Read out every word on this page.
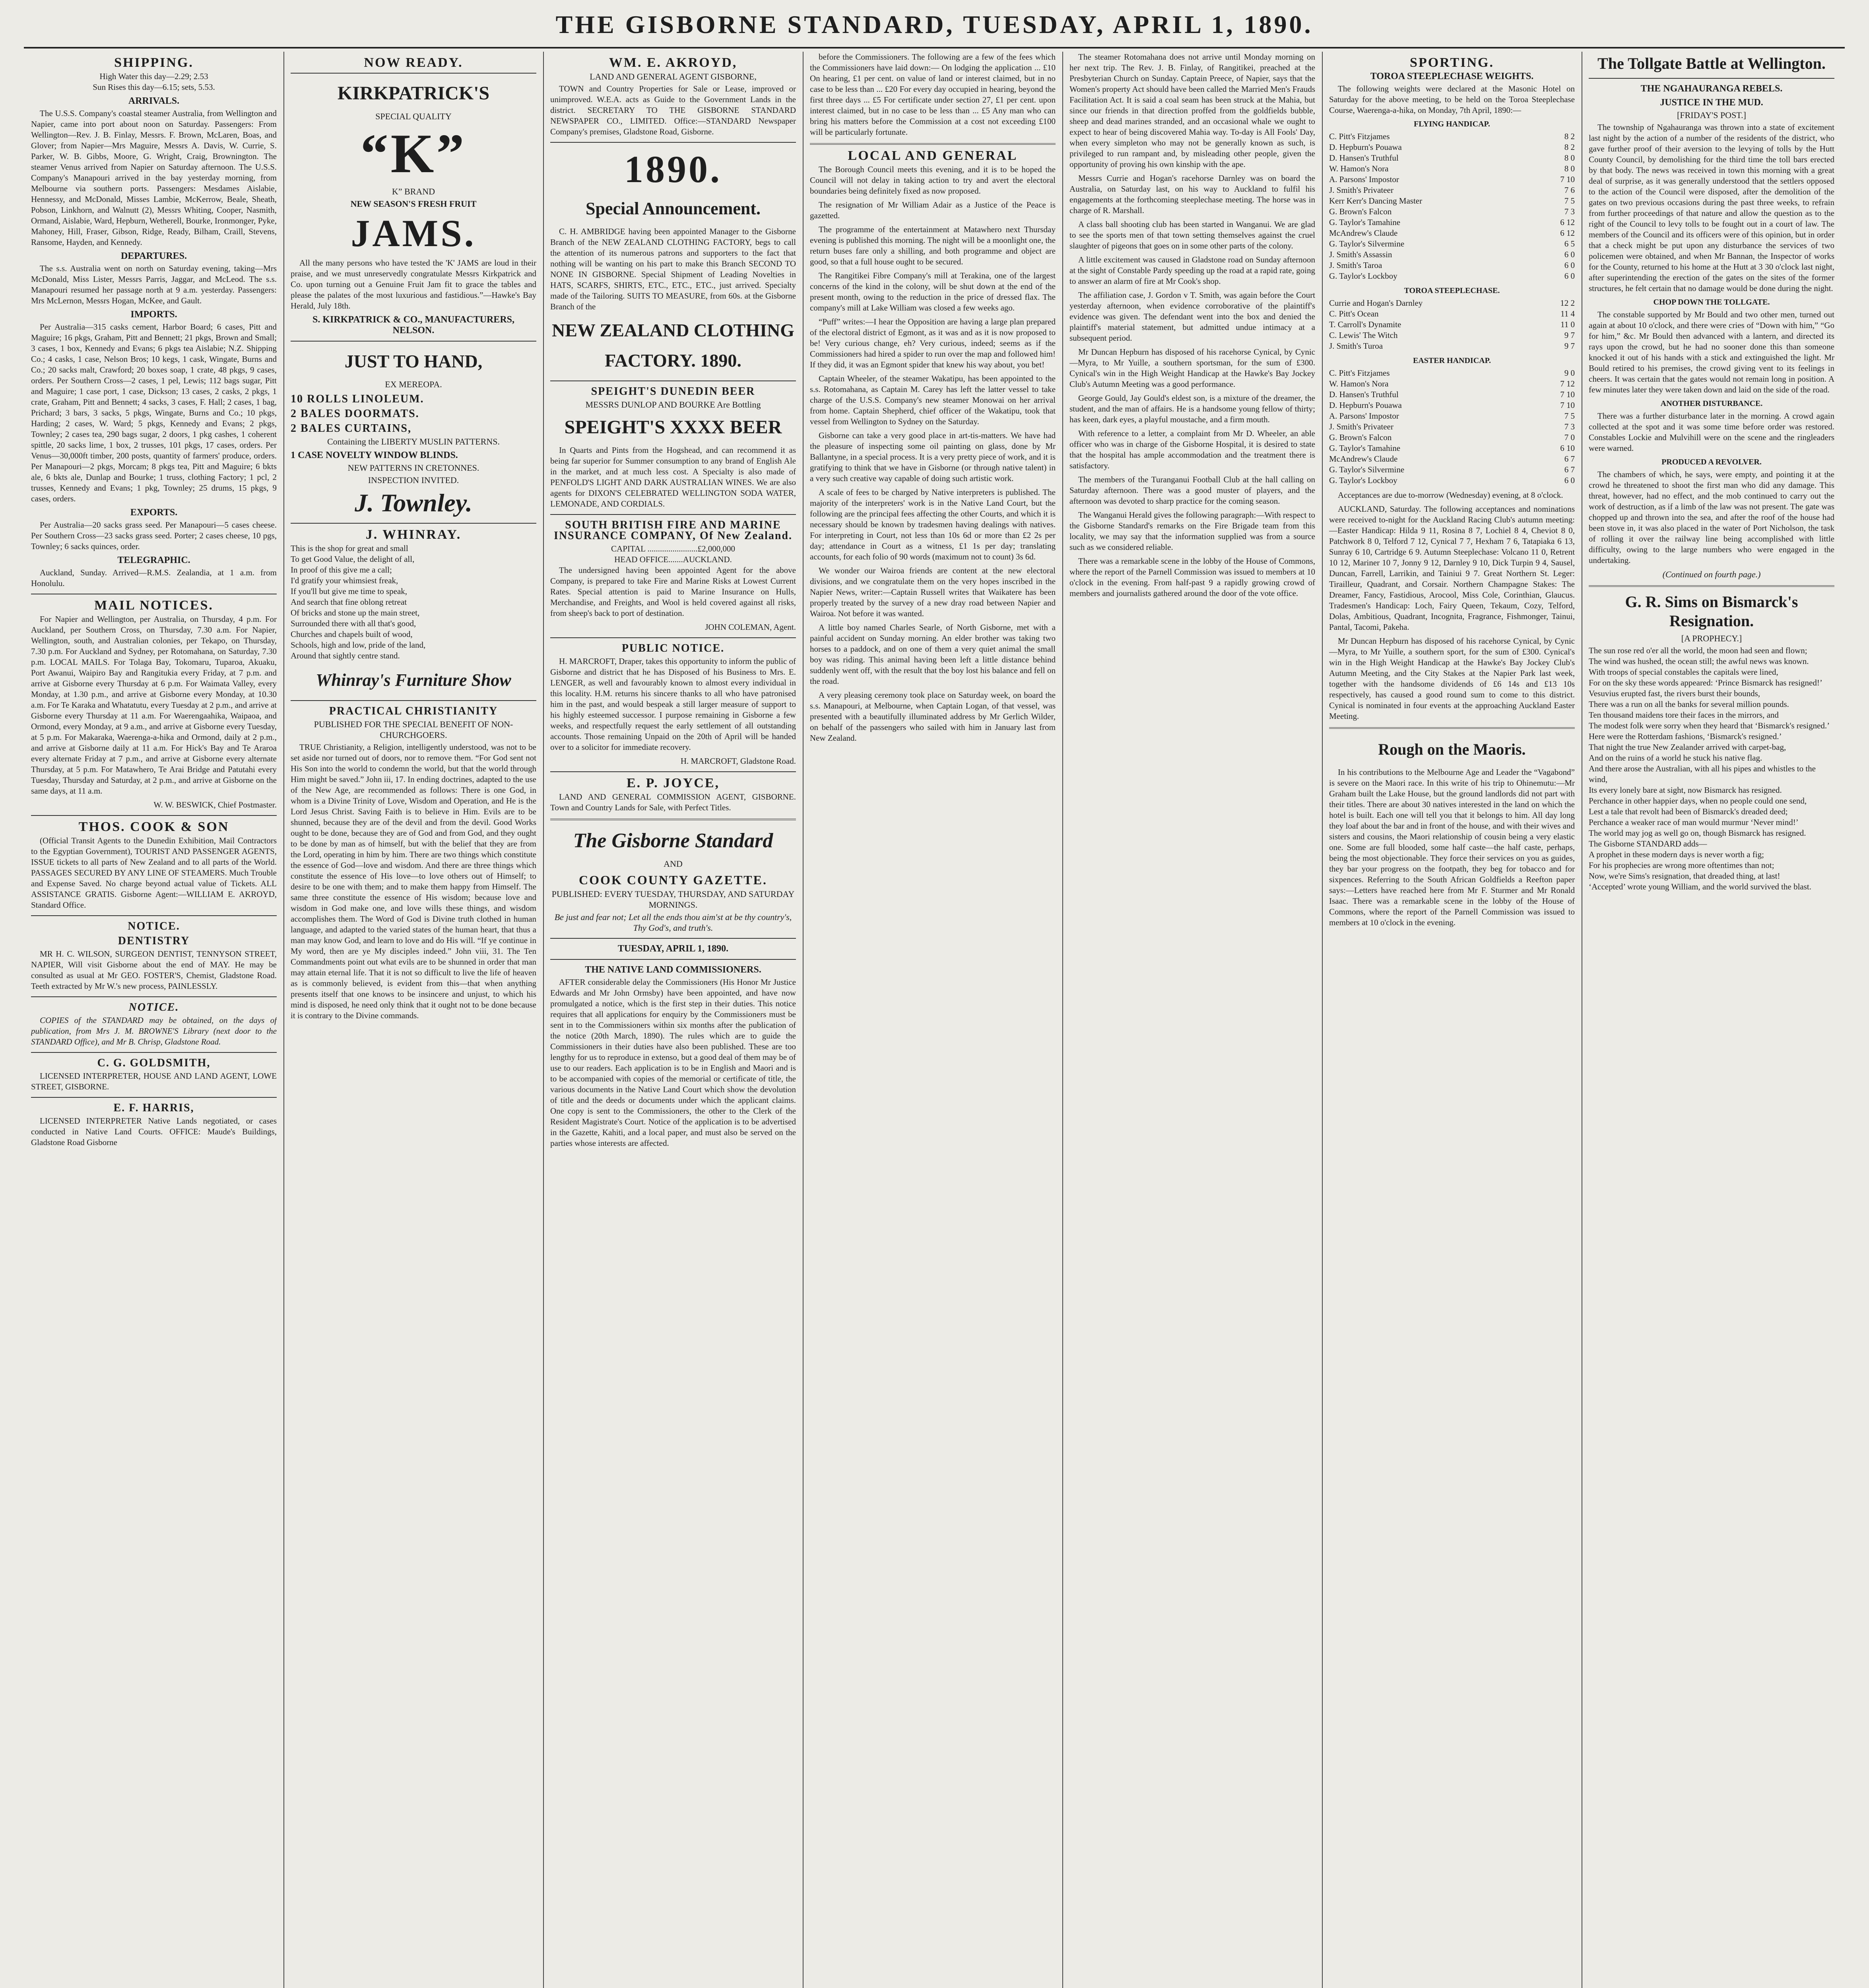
THE GISBORNE STANDARD, TUESDAY, APRIL 1, 1890.
SHIPPING.
High Water this day—2.29; 2.53
Sun Rises this day—6.15; sets, 5.53.
ARRIVALS.

The U.S.S. Company's coastal steamer Australia, from Wellington and Napier, came into port about noon on Saturday. Passengers: From Wellington—Rev. J. B. Finlay, Messrs. F. Brown, McLaren, Boas, and Glover; from Napier—Mrs Maguire, Messrs A. Davis, W. Currie, S. Parker, W. B. Gibbs, Moore, G. Wright, Craig, Brownington. The steamer Venus arrived from Napier on Saturday afternoon. The U.S.S. Company's Manapouri arrived in the bay yesterday morning, from Melbourne via southern ports. Passengers: Mesdames Aislabie, Hennessy, and McDonald, Misses Lambie, McKerrow, Beale, Sheath, Pobson, Linkhorn, and Walnutt (2), Messrs Whiting, Cooper, Nasmith, Ormand, Aislabie, Ward, Hepburn, Wetherell, Bourke, Ironmonger, Pyke, Mahoney, Hill, Fraser, Gibson, Ridge, Ready, Bilham, Craill, Stevens, Ransome, Hayden, and Kennedy.

DEPARTURES.

The s.s. Australia went on north on Saturday evening, taking—Mrs McDonald, Miss Lister, Messrs Parris, Jaggar, and McLeod. The s.s. Manapouri resumed her passage north at 9 a.m. yesterday. Passengers: Mrs McLernon, Messrs Hogan, McKee, and Gault.

IMPORTS.

Per Australia—315 casks cement, Harbor Board; 6 cases, Pitt and Maguire; 16 pkgs, Graham, Pitt and Bennett; 21 pkgs, Brown and Small; 3 cases, 1 box, Kennedy and Evans; 6 pkgs tea Aislabie; N.Z. Shipping Co.; 4 casks, 1 case, Nelson Bros; 10 kegs, 1 cask, Wingate, Burns and Co.; 20 sacks malt, Crawford; 20 boxes soap, 1 crate, 48 pkgs, 9 cases, orders. Per Southern Cross—2 cases, 1 pel, Lewis; 112 bags sugar, Pitt and Maguire; 1 case port, 1 case, Dickson; 13 cases, 2 casks, 2 pkgs, 1 crate, Graham, Pitt and Bennett; 4 sacks, 3 cases, F. Hall; 2 cases, 1 bag, Prichard; 3 bars, 3 sacks, 5 pkgs, Wingate, Burns and Co.; 10 pkgs, Harding; 2 cases, W. Ward; 5 pkgs, Kennedy and Evans; 2 pkgs, Townley; 2 cases tea, 290 bags sugar, 2 doors, 1 pkg cashes, 1 coherent spittle, 20 sacks lime, 1 box, 2 trusses, 101 pkgs, 17 cases, orders. Per Venus—30,000ft timber, 200 posts, quantity of farmers' produce, orders. Per Manapouri—2 pkgs, Morcam; 8 pkgs tea, Pitt and Maguire; 6 bkts ale, 6 bkts ale, Dunlap and Bourke; 1 truss, clothing Factory; 1 pcl, 2 trusses, Kennedy and Evans; 1 pkg, Townley; 25 drums, 15 pkgs, 9 cases, orders.

EXPORTS.

Per Australia—20 sacks grass seed. Per Manapouri—5 cases cheese. Per Southern Cross—23 sacks grass seed. Porter; 2 cases cheese, 10 pgs, Townley; 6 sacks quinces, order.

TELEGRAPHIC.

Auckland, Sunday. Arrived—R.M.S. Zealandia, at 1 a.m. from Honolulu.

MAIL NOTICES.

For Napier and Wellington, per Australia, on Thursday, 4 p.m. For Auckland, per Southern Cross, on Thursday, 7.30 a.m. For Napier, Wellington, south, and Australian colonies, per Tekapo, on Thursday, 7.30 p.m. For Auckland and Sydney, per Rotomahana, on Saturday, 7.30 p.m. LOCAL MAILS. For Tolaga Bay, Tokomaru, Tuparoa, Akuaku, Port Awanui, Waipiro Bay and Rangitukia every Friday, at 7 p.m. and arrive at Gisborne every Thursday at 6 p.m. For Waimata Valley, every Monday, at 1.30 p.m., and arrive at Gisborne every Monday, at 10.30 a.m. For Te Karaka and Whatatutu, every Tuesday at 2 p.m., and arrive at Gisborne every Thursday at 11 a.m. For Waerengaahika, Waipaoa, and Ormond, every Monday, at 9 a.m., and arrive at Gisborne every Tuesday, at 5 p.m. For Makaraka, Waerenga-a-hika and Ormond, daily at 2 p.m., and arrive at Gisborne daily at 11 a.m. For Hick's Bay and Te Araroa every alternate Friday at 7 p.m., and arrive at Gisborne every alternate Thursday, at 5 p.m. For Matawhero, Te Arai Bridge and Patutahi every Tuesday, Thursday and Saturday, at 2 p.m., and arrive at Gisborne on the same days, at 11 a.m.

W. W. BESWICK, Chief Postmaster.
THOS. COOK & SON

(Official Transit Agents to the Dunedin Exhibition, Mail Contractors to the Egyptian Government), TOURIST AND PASSENGER AGENTS, ISSUE tickets to all parts of New Zealand and to all parts of the World. PASSAGES SECURED BY ANY LINE OF STEAMERS. Much Trouble and Expense Saved. No charge beyond actual value of Tickets. ALL ASSISTANCE GRATIS. Gisborne Agent:—WILLIAM E. AKROYD, Standard Office.

NOTICE.
DENTISTRY

MR H. C. WILSON, SURGEON DENTIST, TENNYSON STREET, NAPIER, Will visit Gisborne about the end of MAY. He may be consulted as usual at Mr GEO. FOSTER'S, Chemist, Gladstone Road. Teeth extracted by Mr W.'s new process, PAINLESSLY.

NOTICE.

COPIES of the STANDARD may be obtained, on the days of publication, from Mrs J. M. BROWNE'S Library (next door to the STANDARD Office), and Mr B. Chrisp, Gladstone Road.

C. G. GOLDSMITH,

LICENSED INTERPRETER, HOUSE AND LAND AGENT, LOWE STREET, GISBORNE.

E. F. HARRIS,

LICENSED INTERPRETER Native Lands negotiated, or cases conducted in Native Land Courts. OFFICE: Maude's Buildings, Gladstone Road Gisborne

NOW READY.
KIRKPATRICK'S
SPECIAL QUALITY
“K”
K” BRAND
NEW SEASON'S FRESH FRUIT
JAMS.

All the many persons who have tested the 'K' JAMS are loud in their praise, and we must unreservedly congratulate Messrs Kirkpatrick and Co. upon turning out a Genuine Fruit Jam fit to grace the tables and please the palates of the most luxurious and fastidious.”—Hawke's Bay Herald, July 18th.

S. KIRKPATRICK & CO., MANUFACTURERS, NELSON.
JUST TO HAND,
EX MEREOPA.
10 ROLLS LINOLEUM.
2 BALES DOORMATS.
2 BALES CURTAINS,
Containing the LIBERTY MUSLIN PATTERNS.
1 CASE NOVELTY WINDOW BLINDS.
NEW PATTERNS IN CRETONNES.
INSPECTION INVITED.
J. Townley.
J. WHINRAY.
This is the shop for great and small
To get Good Value, the delight of all,
In proof of this give me a call;
I'd gratify your whimsiest freak,
If you'll but give me time to speak,
And search that fine oblong retreat
Of bricks and stone up the main street,
Surrounded there with all that's good,
Churches and chapels built of wood,
Schools, high and low, pride of the land,
Around that sightly centre stand.
Whinray's Furniture Show
PRACTICAL CHRISTIANITY
PUBLISHED FOR THE SPECIAL BENEFIT OF NON-CHURCHGOERS.

TRUE Christianity, a Religion, intelligently understood, was not to be set aside nor turned out of doors, nor to remove them. “For God sent not His Son into the world to condemn the world, but that the world through Him might be saved.” John iii, 17. In ending doctrines, adapted to the use of the New Age, are recommended as follows: There is one God, in whom is a Divine Trinity of Love, Wisdom and Operation, and He is the Lord Jesus Christ. Saving Faith is to believe in Him. Evils are to be shunned, because they are of the devil and from the devil. Good Works ought to be done, because they are of God and from God, and they ought to be done by man as of himself, but with the belief that they are from the Lord, operating in him by him. There are two things which constitute the essence of God—love and wisdom. And there are three things which constitute the essence of His love—to love others out of Himself; to desire to be one with them; and to make them happy from Himself. The same three constitute the essence of His wisdom; because love and wisdom in God make one, and love wills these things, and wisdom accomplishes them. The Word of God is Divine truth clothed in human language, and adapted to the varied states of the human heart, that thus a man may know God, and learn to love and do His will. “If ye continue in My word, then are ye My disciples indeed.” John viii, 31. The Ten Commandments point out what evils are to be shunned in order that man may attain eternal life. That it is not so difficult to live the life of heaven as is commonly believed, is evident from this—that when anything presents itself that one knows to be insincere and unjust, to which his mind is disposed, he need only think that it ought not to be done because it is contrary to the Divine commands.

WM. E. AKROYD,
LAND AND GENERAL AGENT GISBORNE,

TOWN and Country Properties for Sale or Lease, improved or unimproved. W.E.A. acts as Guide to the Government Lands in the district. SECRETARY TO THE GISBORNE STANDARD NEWSPAPER CO., LIMITED. Office:—STANDARD Newspaper Company's premises, Gladstone Road, Gisborne.

1890.
Special Announcement.

C. H. AMBRIDGE having been appointed Manager to the Gisborne Branch of the NEW ZEALAND CLOTHING FACTORY, begs to call the attention of its numerous patrons and supporters to the fact that nothing will be wanting on his part to make this Branch SECOND TO NONE IN GISBORNE. Special Shipment of Leading Novelties in HATS, SCARFS, SHIRTS, ETC., ETC., ETC., just arrived. Specialty made of the Tailoring. SUITS TO MEASURE, from 60s. at the Gisborne Branch of the

NEW ZEALAND CLOTHING FACTORY. 1890.
SPEIGHT'S DUNEDIN BEER
MESSRS DUNLOP AND BOURKE Are Bottling
SPEIGHT'S XXXX BEER

In Quarts and Pints from the Hogshead, and can recommend it as being far superior for Summer consumption to any brand of English Ale in the market, and at much less cost. A Specialty is also made of PENFOLD'S LIGHT AND DARK AUSTRALIAN WINES. We are also agents for DIXON'S CELEBRATED WELLINGTON SODA WATER, LEMONADE, AND CORDIALS.

SOUTH BRITISH FIRE AND MARINE INSURANCE COMPANY, Of New Zealand.
CAPITAL ........................£2,000,000
HEAD OFFICE.......AUCKLAND.

The undersigned having been appointed Agent for the above Company, is prepared to take Fire and Marine Risks at Lowest Current Rates. Special attention is paid to Marine Insurance on Hulls, Merchandise, and Freights, and Wool is held covered against all risks, from sheep's back to port of destination.

JOHN COLEMAN, Agent.
PUBLIC NOTICE.

H. MARCROFT, Draper, takes this opportunity to inform the public of Gisborne and district that he has Disposed of his Business to Mrs. E. LENGER, as well and favourably known to almost every individual in this locality. H.M. returns his sincere thanks to all who have patronised him in the past, and would bespeak a still larger measure of support to his highly esteemed successor. I purpose remaining in Gisborne a few weeks, and respectfully request the early settlement of all outstanding accounts. Those remaining Unpaid on the 20th of April will be handed over to a solicitor for immediate recovery.

H. MARCROFT, Gladstone Road.
E. P. JOYCE,

LAND AND GENERAL COMMISSION AGENT, GISBORNE. Town and Country Lands for Sale, with Perfect Titles.

The Gisborne Standard
AND
COOK COUNTY GAZETTE.
PUBLISHED: EVERY TUESDAY, THURSDAY, AND SATURDAY MORNINGS.
Be just and fear not; Let all the ends thou aim'st at be thy country's, Thy God's, and truth's.
TUESDAY, APRIL 1, 1890.
THE NATIVE LAND COMMISSIONERS.

AFTER considerable delay the Commissioners (His Honor Mr Justice Edwards and Mr John Ormsby) have been appointed, and have now promulgated a notice, which is the first step in their duties. This notice requires that all applications for enquiry by the Commissioners must be sent in to the Commissioners within six months after the publication of the notice (20th March, 1890). The rules which are to guide the Commissioners in their duties have also been published. These are too lengthy for us to reproduce in extenso, but a good deal of them may be of use to our readers. Each application is to be in English and Maori and is to be accompanied with copies of the memorial or certificate of title, the various documents in the Native Land Court which show the devolution of title and the deeds or documents under which the applicant claims. One copy is sent to the Commissioners, the other to the Clerk of the Resident Magistrate's Court. Notice of the application is to be advertised in the Gazette, Kahiti, and a local paper, and must also be served on the parties whose interests are affected.

before the Commissioners. The following are a few of the fees which the Commissioners have laid down:— On lodging the application ... £10 On hearing, £1 per cent. on value of land or interest claimed, but in no case to be less than ... £20 For every day occupied in hearing, beyond the first three days ... £5 For certificate under section 27, £1 per cent. upon interest claimed, but in no case to be less than ... £5 Any man who can bring his matters before the Commission at a cost not exceeding £100 will be particularly fortunate.

LOCAL AND GENERAL

The Borough Council meets this evening, and it is to be hoped the Council will not delay in taking action to try and avert the electoral boundaries being definitely fixed as now proposed.

The resignation of Mr William Adair as a Justice of the Peace is gazetted.

The programme of the entertainment at Matawhero next Thursday evening is published this morning. The night will be a moonlight one, the return buses fare only a shilling, and both programme and object are good, so that a full house ought to be secured.

The Rangitikei Fibre Company's mill at Terakina, one of the largest concerns of the kind in the colony, will be shut down at the end of the present month, owing to the reduction in the price of dressed flax. The company's mill at Lake William was closed a few weeks ago.

“Puff” writes:—I hear the Opposition are having a large plan prepared of the electoral district of Egmont, as it was and as it is now proposed to be! Very curious change, eh? Very curious, indeed; seems as if the Commissioners had hired a spider to run over the map and followed him! If they did, it was an Egmont spider that knew his way about, you bet!

Captain Wheeler, of the steamer Wakatipu, has been appointed to the s.s. Rotomahana, as Captain M. Carey has left the latter vessel to take charge of the U.S.S. Company's new steamer Monowai on her arrival from home. Captain Shepherd, chief officer of the Wakatipu, took that vessel from Wellington to Sydney on the Saturday.

Gisborne can take a very good place in art-tis-matters. We have had the pleasure of inspecting some oil painting on glass, done by Mr Ballantyne, in a special process. It is a very pretty piece of work, and it is gratifying to think that we have in Gisborne (or through native talent) in a very such creative way capable of doing such artistic work.

A scale of fees to be charged by Native interpreters is published. The majority of the interpreters' work is in the Native Land Court, but the following are the principal fees affecting the other Courts, and which it is necessary should be known by tradesmen having dealings with natives. For interpreting in Court, not less than 10s 6d or more than £2 2s per day; attendance in Court as a witness, £1 1s per day; translating accounts, for each folio of 90 words (maximum not to count) 3s 6d.

We wonder our Wairoa friends are content at the new electoral divisions, and we congratulate them on the very hopes inscribed in the Napier News, writer:—Captain Russell writes that Waikatere has been properly treated by the survey of a new dray road between Napier and Wairoa. Not before it was wanted.

A little boy named Charles Searle, of North Gisborne, met with a painful accident on Sunday morning. An elder brother was taking two horses to a paddock, and on one of them a very quiet animal the small boy was riding. This animal having been left a little distance behind suddenly went off, with the result that the boy lost his balance and fell on the road.

A very pleasing ceremony took place on Saturday week, on board the s.s. Manapouri, at Melbourne, when Captain Logan, of that vessel, was presented with a beautifully illuminated address by Mr Gerlich Wilder, on behalf of the passengers who sailed with him in January last from New Zealand.

The steamer Rotomahana does not arrive until Monday morning on her next trip. The Rev. J. B. Finlay, of Rangitikei, preached at the Presbyterian Church on Sunday. Captain Preece, of Napier, says that the Women's property Act should have been called the Married Men's Frauds Facilitation Act. It is said a coal seam has been struck at the Mahia, but since our friends in that direction proffed from the goldfields bubble, sheep and dead marines stranded, and an occasional whale we ought to expect to hear of being discovered Mahia way. To-day is All Fools' Day, when every simpleton who may not be generally known as such, is privileged to run rampant and, by misleading other people, given the opportunity of proving his own kinship with the ape.

Messrs Currie and Hogan's racehorse Darnley was on board the Australia, on Saturday last, on his way to Auckland to fulfil his engagements at the forthcoming steeplechase meeting. The horse was in charge of R. Marshall.

A class ball shooting club has been started in Wanganui. We are glad to see the sports men of that town setting themselves against the cruel slaughter of pigeons that goes on in some other parts of the colony.

A little excitement was caused in Gladstone road on Sunday afternoon at the sight of Constable Pardy speeding up the road at a rapid rate, going to answer an alarm of fire at Mr Cook's shop.

The affiliation case, J. Gordon v T. Smith, was again before the Court yesterday afternoon, when evidence corroborative of the plaintiff's evidence was given. The defendant went into the box and denied the plaintiff's material statement, but admitted undue intimacy at a subsequent period.

Mr Duncan Hepburn has disposed of his racehorse Cynical, by Cynic—Myra, to Mr Yuille, a southern sportsman, for the sum of £300. Cynical's win in the High Weight Handicap at the Hawke's Bay Jockey Club's Autumn Meeting was a good performance.

George Gould, Jay Gould's eldest son, is a mixture of the dreamer, the student, and the man of affairs. He is a handsome young fellow of thirty; has keen, dark eyes, a playful moustache, and a firm mouth.

With reference to a letter, a complaint from Mr D. Wheeler, an able officer who was in charge of the Gisborne Hospital, it is desired to state that the hospital has ample accommodation and the treatment there is satisfactory.

The members of the Turanganui Football Club at the hall calling on Saturday afternoon. There was a good muster of players, and the afternoon was devoted to sharp practice for the coming season.

The Wanganui Herald gives the following paragraph:—With respect to the Gisborne Standard's remarks on the Fire Brigade team from this locality, we may say that the information supplied was from a source such as we considered reliable.

There was a remarkable scene in the lobby of the House of Commons, where the report of the Parnell Commission was issued to members at 10 o'clock in the evening. From half-past 9 a rapidly growing crowd of members and journalists gathered around the door of the vote office.

SPORTING.
TOROA STEEPLECHASE WEIGHTS.

The following weights were declared at the Masonic Hotel on Saturday for the above meeting, to be held on the Toroa Steeplechase Course, Waerenga-a-hika, on Monday, 7th April, 1890:—

FLYING HANDICAP.
C. Pitt's Fitzjames	8 2
D. Hepburn's Pouawa	8 2
D. Hansen's Truthful	8 0
W. Hamon's Nora	8 0
A. Parsons' Impostor	7 10
J. Smith's Privateer	7 6
Kerr Kerr's Dancing Master	7 5
G. Brown's Falcon	7 3
G. Taylor's Tamahine	6 12
McAndrew's Claude	6 12
G. Taylor's Silvermine	6 5
J. Smith's Assassin	6 0
J. Smith's Taroa	6 0
G. Taylor's Lockboy	6 0
TOROA STEEPLECHASE.
Currie and Hogan's Darnley	12 2
C. Pitt's Ocean	11 4
T. Carroll's Dynamite	11 0
C. Lewis' The Witch	9 7
J. Smith's Turoa	9 7
EASTER HANDICAP.
C. Pitt's Fitzjames	9 0
W. Hamon's Nora	7 12
D. Hansen's Truthful	7 10
D. Hepburn's Pouawa	7 10
A. Parsons' Impostor	7 5
J. Smith's Privateer	7 3
G. Brown's Falcon	7 0
G. Taylor's Tamahine	6 10
McAndrew's Claude	6 7
G. Taylor's Silvermine	6 7
G. Taylor's Lockboy	6 0

Acceptances are due to-morrow (Wednesday) evening, at 8 o'clock.

AUCKLAND, Saturday. The following acceptances and nominations were received to-night for the Auckland Racing Club's autumn meeting:—Easter Handicap: Hilda 9 11, Rosina 8 7, Lochiel 8 4, Cheviot 8 0, Patchwork 8 0, Telford 7 12, Cynical 7 7, Hexham 7 6, Tatapiaka 6 13, Sunray 6 10, Cartridge 6 9. Autumn Steeplechase: Volcano 11 0, Retrent 10 12, Mariner 10 7, Jonny 9 12, Darnley 9 10, Dick Turpin 9 4, Sausel, Duncan, Farrell, Larrikin, and Tainiui 9 7. Great Northern St. Leger: Tirailleur, Quadrant, and Corsair. Northern Champagne Stakes: The Dreamer, Fancy, Fastidious, Arocool, Miss Cole, Corinthian, Glaucus. Tradesmen's Handicap: Loch, Fairy Queen, Tekaum, Cozy, Telford, Dolas, Ambitious, Quadrant, Incognita, Fragrance, Fishmonger, Tainui, Pantal, Tacomi, Pakeha.

Mr Duncan Hepburn has disposed of his racehorse Cynical, by Cynic—Myra, to Mr Yuille, a southern sport, for the sum of £300. Cynical's win in the High Weight Handicap at the Hawke's Bay Jockey Club's Autumn Meeting, and the City Stakes at the Napier Park last week, together with the handsome dividends of £6 14s and £13 10s respectively, has caused a good round sum to come to this district. Cynical is nominated in four events at the approaching Auckland Easter Meeting.

Rough on the Maoris.

In his contributions to the Melbourne Age and Leader the “Vagabond” is severe on the Maori race. In this write of his trip to Ohinemutu:—Mr Graham built the Lake House, but the ground landlords did not part with their titles. There are about 30 natives interested in the land on which the hotel is built. Each one will tell you that it belongs to him. All day long they loaf about the bar and in front of the house, and with their wives and sisters and cousins, the Maori relationship of cousin being a very elastic one. Some are full blooded, some half caste—the half caste, perhaps, being the most objectionable. They force their services on you as guides, they bar your progress on the footpath, they beg for tobacco and for sixpences. Referring to the South African Goldfields a Reefton paper says:—Letters have reached here from Mr F. Sturmer and Mr Ronald Isaac. There was a remarkable scene in the lobby of the House of Commons, where the report of the Parnell Commission was issued to members at 10 o'clock in the evening.

The Tollgate Battle at Wellington.
THE NGAHAURANGA REBELS.
JUSTICE IN THE MUD.
[FRIDAY'S POST.]

The township of Ngahauranga was thrown into a state of excitement last night by the action of a number of the residents of the district, who gave further proof of their aversion to the levying of tolls by the Hutt County Council, by demolishing for the third time the toll bars erected by that body. The news was received in town this morning with a great deal of surprise, as it was generally understood that the settlers opposed to the action of the Council were disposed, after the demolition of the gates on two previous occasions during the past three weeks, to refrain from further proceedings of that nature and allow the question as to the right of the Council to levy tolls to be fought out in a court of law. The members of the Council and its officers were of this opinion, but in order that a check might be put upon any disturbance the services of two policemen were obtained, and when Mr Bannan, the Inspector of works for the County, returned to his home at the Hutt at 3 30 o'clock last night, after superintending the erection of the gates on the sites of the former structures, he felt certain that no damage would be done during the night.

CHOP DOWN THE TOLLGATE.

The constable supported by Mr Bould and two other men, turned out again at about 10 o'clock, and there were cries of “Down with him,” “Go for him,” &c. Mr Bould then advanced with a lantern, and directed its rays upon the crowd, but he had no sooner done this than someone knocked it out of his hands with a stick and extinguished the light. Mr Bould retired to his premises, the crowd giving vent to its feelings in cheers. It was certain that the gates would not remain long in position. A few minutes later they were taken down and laid on the side of the road.

ANOTHER DISTURBANCE.

There was a further disturbance later in the morning. A crowd again collected at the spot and it was some time before order was restored. Constables Lockie and Mulvihill were on the scene and the ringleaders were warned.

PRODUCED A REVOLVER.

The chambers of which, he says, were empty, and pointing it at the crowd he threatened to shoot the first man who did any damage. This threat, however, had no effect, and the mob continued to carry out the work of destruction, as if a limb of the law was not present. The gate was chopped up and thrown into the sea, and after the roof of the house had been stove in, it was also placed in the water of Port Nicholson, the task of rolling it over the railway line being accomplished with little difficulty, owing to the large numbers who were engaged in the undertaking.

(Continued on fourth page.)
G. R. Sims on Bismarck's Resignation.
[A PROPHECY.]
The sun rose red o'er all the world, the moon had seen and flown;
The wind was hushed, the ocean still; the awful news was known.
With troops of special constables the capitals were lined,
For on the sky these words appeared: ‘Prince Bismarck has resigned!’
Vesuvius erupted fast, the rivers burst their bounds,
There was a run on all the banks for several million pounds.
Ten thousand maidens tore their faces in the mirrors, and
The modest folk were sorry when they heard that ‘Bismarck's resigned.’
Here were the Rotterdam fashions, ‘Bismarck's resigned.’
That night the true New Zealander arrived with carpet-bag,
And on the ruins of a world he stuck his native flag.
And there arose the Australian, with all his pipes and whistles to the wind,
Its every lonely bare at sight, now Bismarck has resigned.
Perchance in other happier days, when no people could one send,
Lest a tale that revolt had been of Bismarck's dreaded deed;
Perchance a weaker race of man would murmur ‘Never mind!’
The world may jog as well go on, though Bismarck has resigned.
The Gisborne STANDARD adds—
A prophet in these modern days is never worth a fig;
For his prophecies are wrong more oftentimes than not;
Now, we're Sims's resignation, that dreaded thing, at last!
‘Accepted’ wrote young William, and the world survived the blast.
